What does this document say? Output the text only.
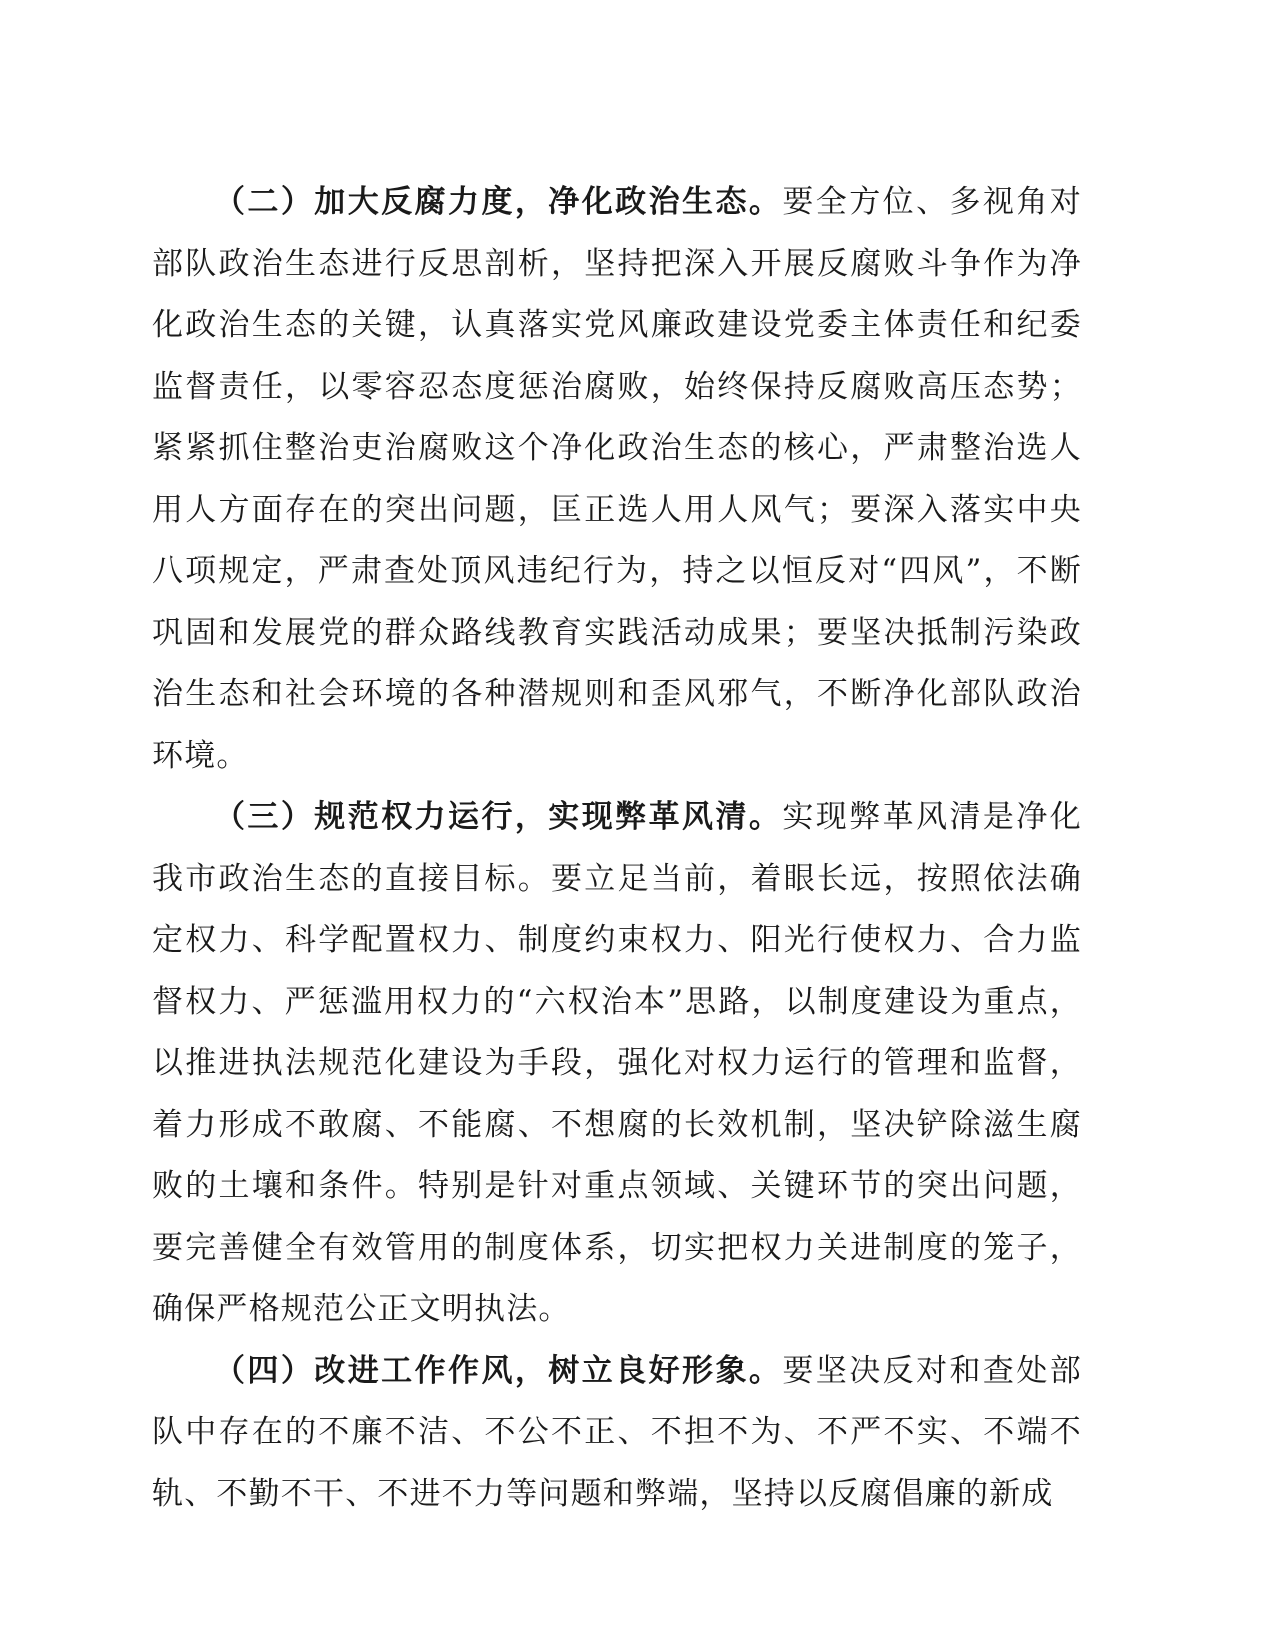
（二）加大反腐力度，净化政治生态。要全方位、多视角对部队政治生态进行反思剖析，坚持把深入开展反腐败斗争作为净化政治生态的关键，认真落实党风廉政建设党委主体责任和纪委监督责任，以零容忍态度惩治腐败，始终保持反腐败高压态势；紧紧抓住整治吏治腐败这个净化政治生态的核心，严肃整治选人用人方面存在的突出问题，匡正选人用人风气；要深入落实中央八项规定，严肃查处顶风违纪行为，持之以恒反对“四风”，不断巩固和发展党的群众路线教育实践活动成果；要坚决抵制污染政治生态和社会环境的各种潜规则和歪风邪气，不断净化部队政治环境。

（三）规范权力运行，实现弊革风清。实现弊革风清是净化我市政治生态的直接目标。要立足当前，着眼长远，按照依法确定权力、科学配置权力、制度约束权力、阳光行使权力、合力监督权力、严惩滥用权力的“六权治本”思路，以制度建设为重点，以推进执法规范化建设为手段，强化对权力运行的管理和监督，着力形成不敢腐、不能腐、不想腐的长效机制，坚决铲除滋生腐败的土壤和条件。特别是针对重点领域、关键环节的突出问题，要完善健全有效管用的制度体系，切实把权力关进制度的笼子，确保严格规范公正文明执法。

（四）改进工作作风，树立良好形象。要坚决反对和查处部队中存在的不廉不洁、不公不正、不担不为、不严不实、不端不轨、不勤不干、不进不力等问题和弊端，坚持以反腐倡廉的新成
